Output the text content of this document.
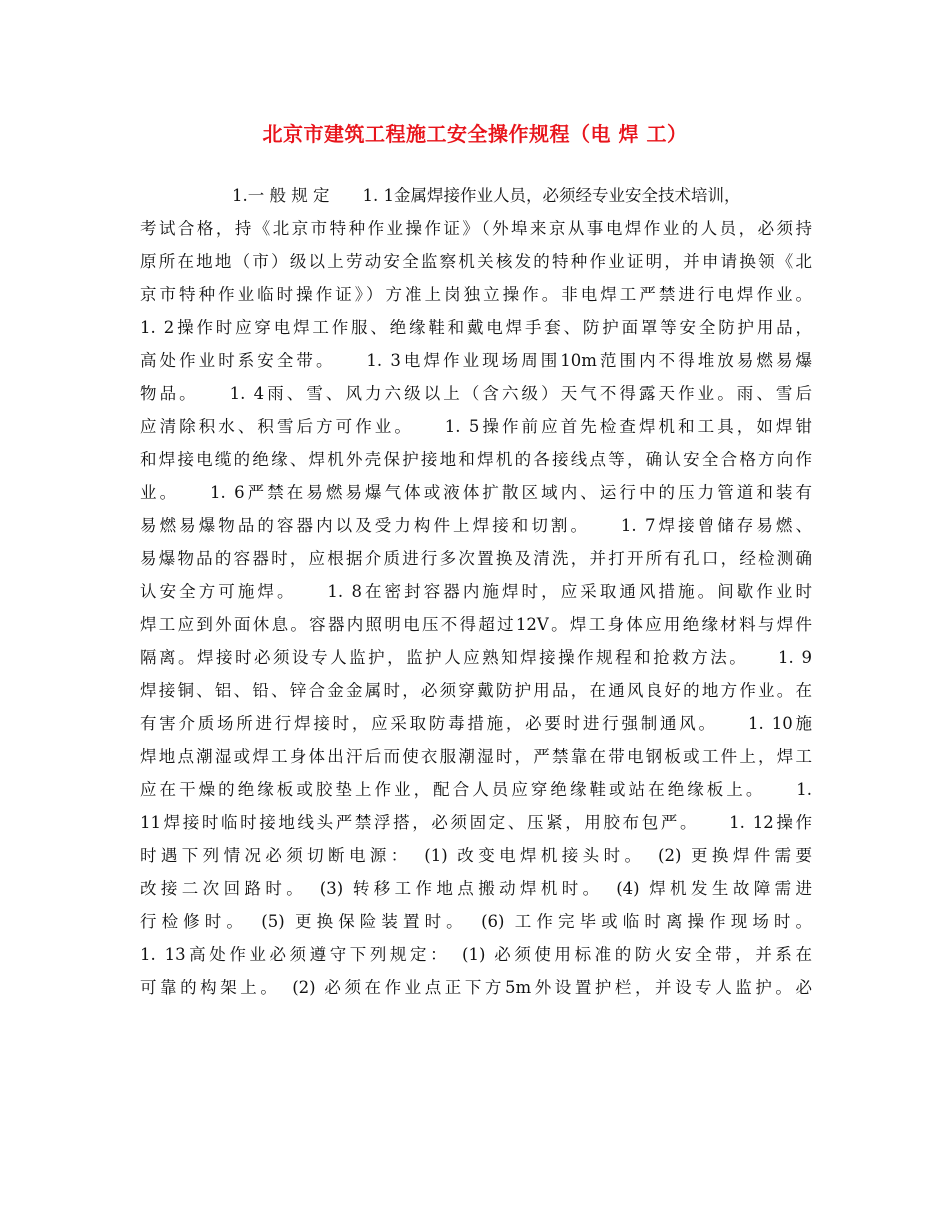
北京市建筑工程施工安全操作规程（电 焊 工）
1.一 般 规 定　　1. 1金属焊接作业人员，必须经专业安全技术培训，
考试合格，持《北京市特种作业操作证》（外埠来京从事电焊作业的人员，必须持
原所在地地（市）级以上劳动安全监察机关核发的特种作业证明，并申请换领《北
京市特种作业临时操作证》）方准上岗独立操作。非电焊工严禁进行电焊作业。
1. 2操作时应穿电焊工作服、绝缘鞋和戴电焊手套、防护面罩等安全防护用品，
高处作业时系安全带。　　1. 3电焊作业现场周围10m范围内不得堆放易燃易爆
物品。　　1. 4雨、雪、风力六级以上（含六级）天气不得露天作业。雨、雪后
应清除积水、积雪后方可作业。　　1. 5操作前应首先检查焊机和工具，如焊钳
和焊接电缆的绝缘、焊机外壳保护接地和焊机的各接线点等，确认安全合格方向作
业。　　1. 6严禁在易燃易爆气体或液体扩散区域内、运行中的压力管道和装有
易燃易爆物品的容器内以及受力构件上焊接和切割。　　1. 7焊接曾储存易燃、
易爆物品的容器时，应根据介质进行多次置换及清洗，并打开所有孔口，经检测确
认安全方可施焊。　　1. 8在密封容器内施焊时，应采取通风措施。间歇作业时
焊工应到外面休息。容器内照明电压不得超过12V。焊工身体应用绝缘材料与焊件
隔离。焊接时必须设专人监护，监护人应熟知焊接操作规程和抢救方法。　　1. 9
焊接铜、铝、铅、锌合金金属时，必须穿戴防护用品，在通风良好的地方作业。在
有害介质场所进行焊接时，应采取防毒措施，必要时进行强制通风。　　1. 10施
焊地点潮湿或焊工身体出汗后而使衣服潮湿时，严禁靠在带电钢板或工件上，焊工
应在干燥的绝缘板或胶垫上作业，配合人员应穿绝缘鞋或站在绝缘板上。　　1.
11焊接时临时接地线头严禁浮搭，必须固定、压紧，用胶布包严。　　1. 12操作
时遇下列情况必须切断电源：　(1) 改变电焊机接头时。　(2) 更换焊件需要
改接二次回路时。　(3) 转移工作地点搬动焊机时。　(4) 焊机发生故障需进
行检修时。　(5) 更换保险装置时。　(6) 工作完毕或临时离操作现场时。
1. 13高处作业必须遵守下列规定：　(1) 必须使用标准的防火安全带，并系在
可靠的构架上。　(2) 必须在作业点正下方5m外设置护栏，并设专人监护。必
